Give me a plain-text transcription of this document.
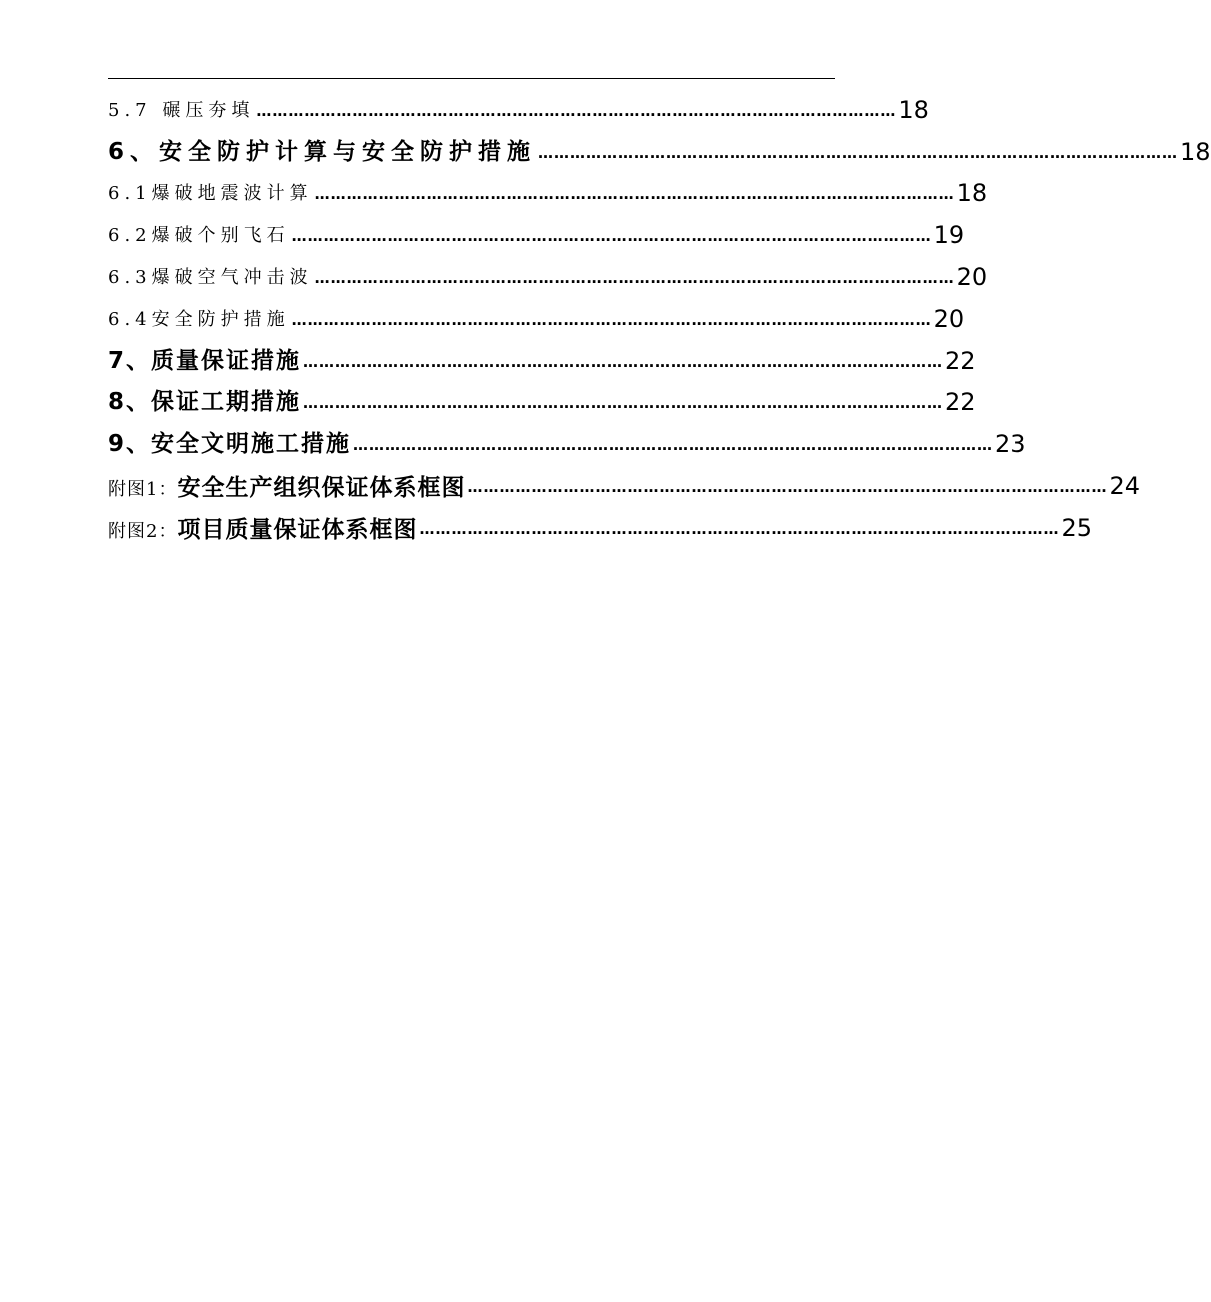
5.7 碾压夯填 ………………………………………………………………………………………………………… 18
6、安全防护计算与安全防护措施 ………………………………………………………………………………………………………… 18
6.1爆破地震波计算 ………………………………………………………………………………………………………… 18
6.2爆破个别飞石 ………………………………………………………………………………………………………… 19
6.3爆破空气冲击波 ………………………………………………………………………………………………………… 20
6.4安全防护措施 ………………………………………………………………………………………………………… 20
7、质量保证措施 ………………………………………………………………………………………………………… 22
8、保证工期措施 ………………………………………………………………………………………………………… 22
9、安全文明施工措施 ………………………………………………………………………………………………………… 23
附图1： 安全生产组织保证体系框图 ………………………………………………………………………………………………………… 24
附图2： 项目质量保证体系框图 ………………………………………………………………………………………………………… 25
